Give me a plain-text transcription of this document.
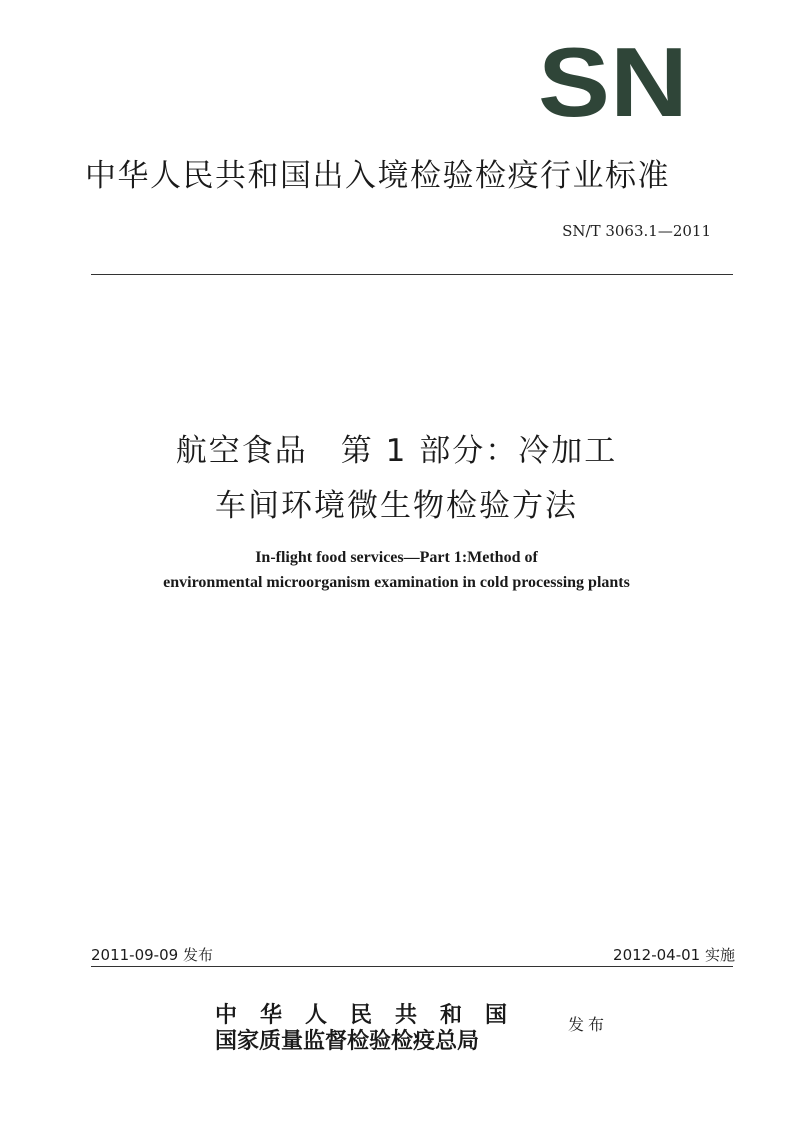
SN
中华人民共和国出入境检验检疫行业标准
SN/T 3063.1—2011
航空食品　第 1 部分：冷加工
车间环境微生物检验方法
In-flight food services—Part 1:Method of
environmental microorganism examination in cold processing plants
2011-09-09 发布	2012-04-01 实施
中华人民共和国
国家质量监督检验检疫总局
发布
